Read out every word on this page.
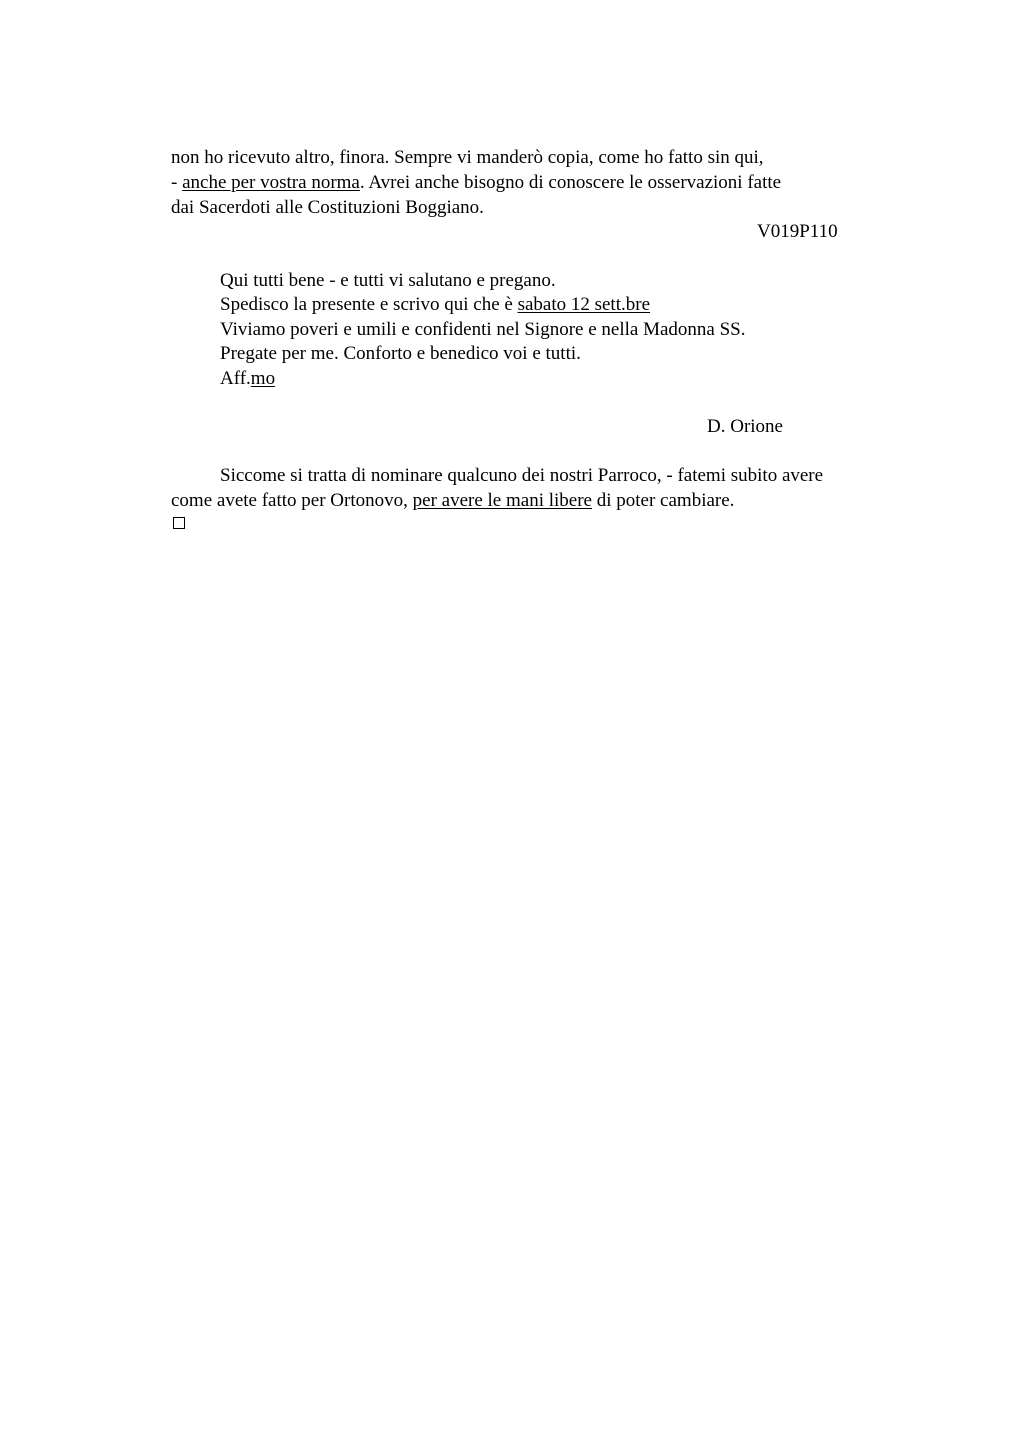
non ho ricevuto altro, finora. Sempre vi manderò copia, come ho fatto sin qui,
- anche per vostra norma. Avrei anche bisogno di conoscere le osservazioni fatte
dai Sacerdoti alle Costituzioni Boggiano.
V019P110
Qui tutti bene - e tutti vi salutano e pregano.
Spedisco la presente e scrivo qui che è sabato 12 sett.bre
Viviamo poveri e umili e confidenti nel Signore e nella Madonna SS.
Pregate per me. Conforto e benedico voi e tutti.
Aff.mo
D. Orione
Siccome si tratta di nominare qualcuno dei nostri Parroco, - fatemi subito avere
come avete fatto per Ortonovo, per avere le mani libere di poter cambiare.
